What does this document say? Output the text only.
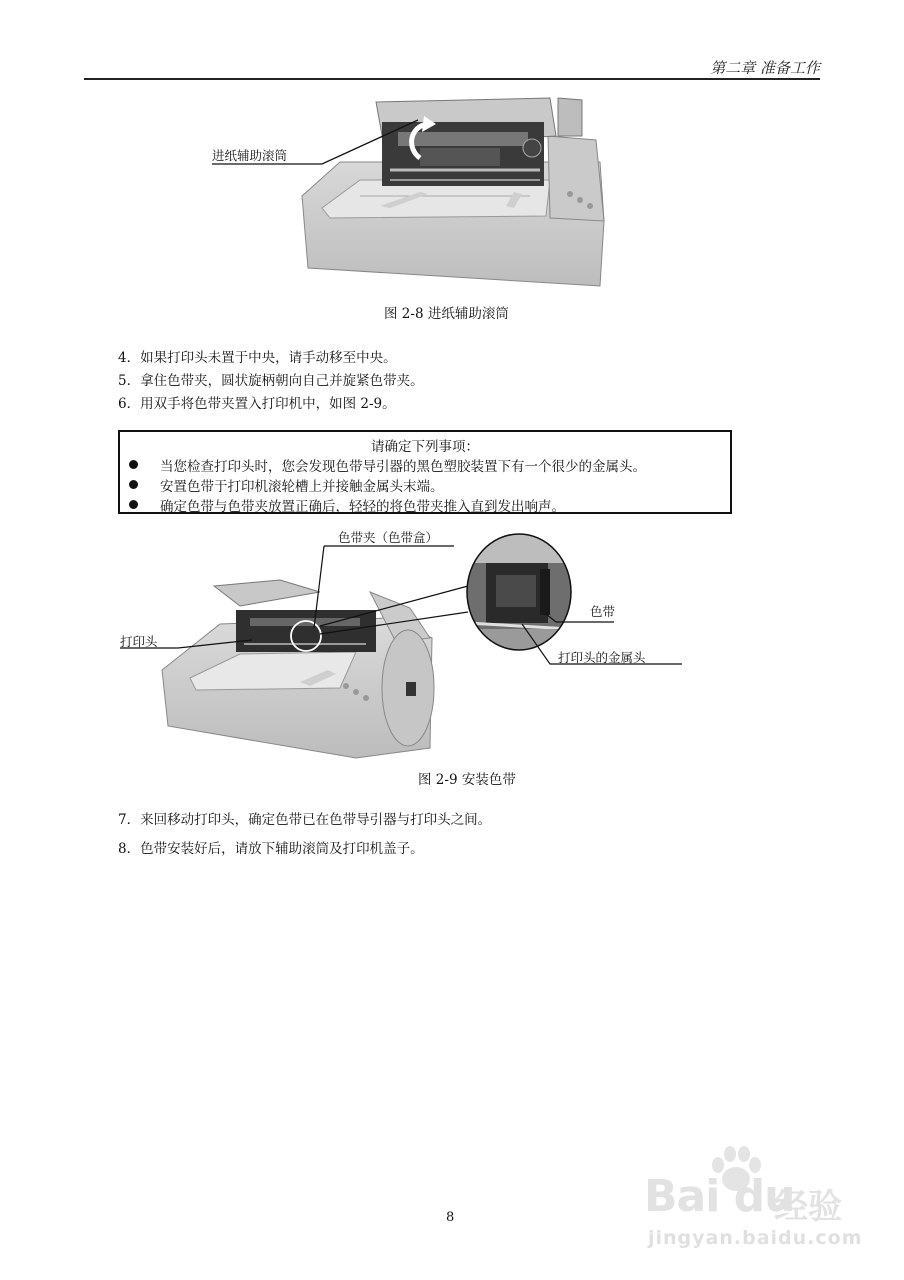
第二章 准备工作
进纸辅助滚筒
图 2-8 进纸辅助滚筒
4．如果打印头未置于中央，请手动移至中央。
5．拿住色带夹，圆状旋柄朝向自己并旋紧色带夹。
6．用双手将色带夹置入打印机中，如图 2-9。
请确定下列事项：
当您检查打印头时，您会发现色带导引器的黑色塑胶装置下有一个很少的金属头。
安置色带于打印机滚轮槽上并接触金属头末端。
确定色带与色带夹放置正确后，轻轻的将色带夹推入直到发出响声。
色带夹（色带盒）
打印头
色带
打印头的金属头
图 2-9 安装色带
7．来回移动打印头，确定色带已在色带导引器与打印头之间。
8．色带安装好后，请放下辅助滚筒及打印机盖子。
8	Bai du
经验
jingyan.baidu.com
